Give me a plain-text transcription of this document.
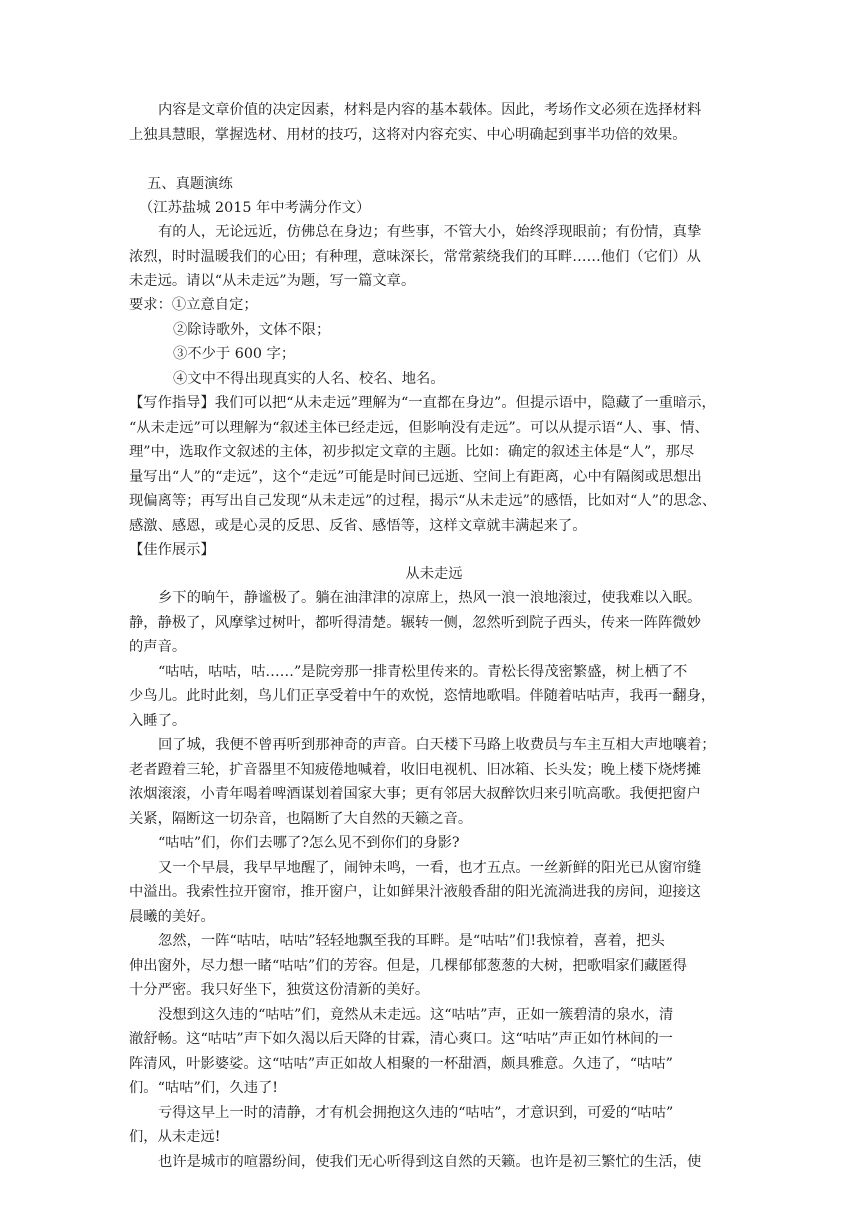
内容是文章价值的决定因素，材料是内容的基本载体。因此，考场作文必须在选择材料
上独具慧眼，掌握选材、用材的技巧，这将对内容充实、中心明确起到事半功倍的效果。
五、真题演练
（江苏盐城 2015 年中考满分作文）
有的人，无论远近，仿佛总在身边；有些事，不管大小，始终浮现眼前；有份情，真挚
浓烈，时时温暖我们的心田；有种理，意味深长，常常萦绕我们的耳畔……他们（它们）从
未走远。请以“从未走远”为题，写一篇文章。
要求：①立意自定；
②除诗歌外，文体不限；
③不少于 600 字；
④文中不得出现真实的人名、校名、地名。
【写作指导】我们可以把“从未走远”理解为“一直都在身边”。但提示语中，隐藏了一重暗示，
“从未走远”可以理解为“叙述主体已经走远，但影响没有走远”。可以从提示语“人、事、情、
理”中，选取作文叙述的主体，初步拟定文章的主题。比如：确定的叙述主体是“人”，那尽
量写出“人”的“走远”，这个“走远”可能是时间已远逝、空间上有距离，心中有隔阂或思想出
现偏离等；再写出自己发现“从未走远”的过程，揭示“从未走远”的感悟，比如对“人”的思念、
感激、感恩，或是心灵的反思、反省、感悟等，这样文章就丰满起来了。
【佳作展示】
从未走远
乡下的晌午，静谧极了。躺在油津津的凉席上，热风一浪一浪地滚过，使我难以入眠。
静，静极了，风摩挲过树叶，都听得清楚。辗转一侧，忽然听到院子西头，传来一阵阵微妙
的声音。
“咕咕，咕咕，咕……”是院旁那一排青松里传来的。青松长得茂密繁盛，树上栖了不
少鸟儿。此时此刻，鸟儿们正享受着中午的欢悦，恣情地歌唱。伴随着咕咕声，我再一翻身，
入睡了。
回了城，我便不曾再听到那神奇的声音。白天楼下马路上收费员与车主互相大声地嚷着；
老者蹬着三轮，扩音器里不知疲倦地喊着，收旧电视机、旧冰箱、长头发；晚上楼下烧烤摊
浓烟滚滚，小青年喝着啤酒谋划着国家大事；更有邻居大叔醉饮归来引吭高歌。我便把窗户
关紧，隔断这一切杂音，也隔断了大自然的天籁之音。
“咕咕”们，你们去哪了?怎么见不到你们的身影?
又一个早晨，我早早地醒了，闹钟未鸣，一看，也才五点。一丝新鲜的阳光已从窗帘缝
中溢出。我索性拉开窗帘，推开窗户，让如鲜果汁液般香甜的阳光流淌进我的房间，迎接这
晨曦的美好。
忽然，一阵“咕咕，咕咕”轻轻地飘至我的耳畔。是“咕咕”们!我惊着，喜着，把头
伸出窗外，尽力想一睹“咕咕”们的芳容。但是，几棵郁郁葱葱的大树，把歌唱家们藏匿得
十分严密。我只好坐下，独赏这份清新的美好。
没想到这久违的“咕咕”们，竟然从未走远。这“咕咕”声，正如一簇碧清的泉水，清
澈舒畅。这“咕咕”声下如久渴以后天降的甘霖，清心爽口。这“咕咕”声正如竹林间的一
阵清风，叶影婆娑。这“咕咕”声正如故人相聚的一杯甜酒，颇具雅意。久违了，“咕咕”
们。“咕咕”们，久违了!
亏得这早上一时的清静，才有机会拥抱这久违的“咕咕”，才意识到，可爱的“咕咕”
们，从未走远!
也许是城市的喧嚣纷间，使我们无心听得到这自然的天籁。也许是初三繁忙的生活，使
